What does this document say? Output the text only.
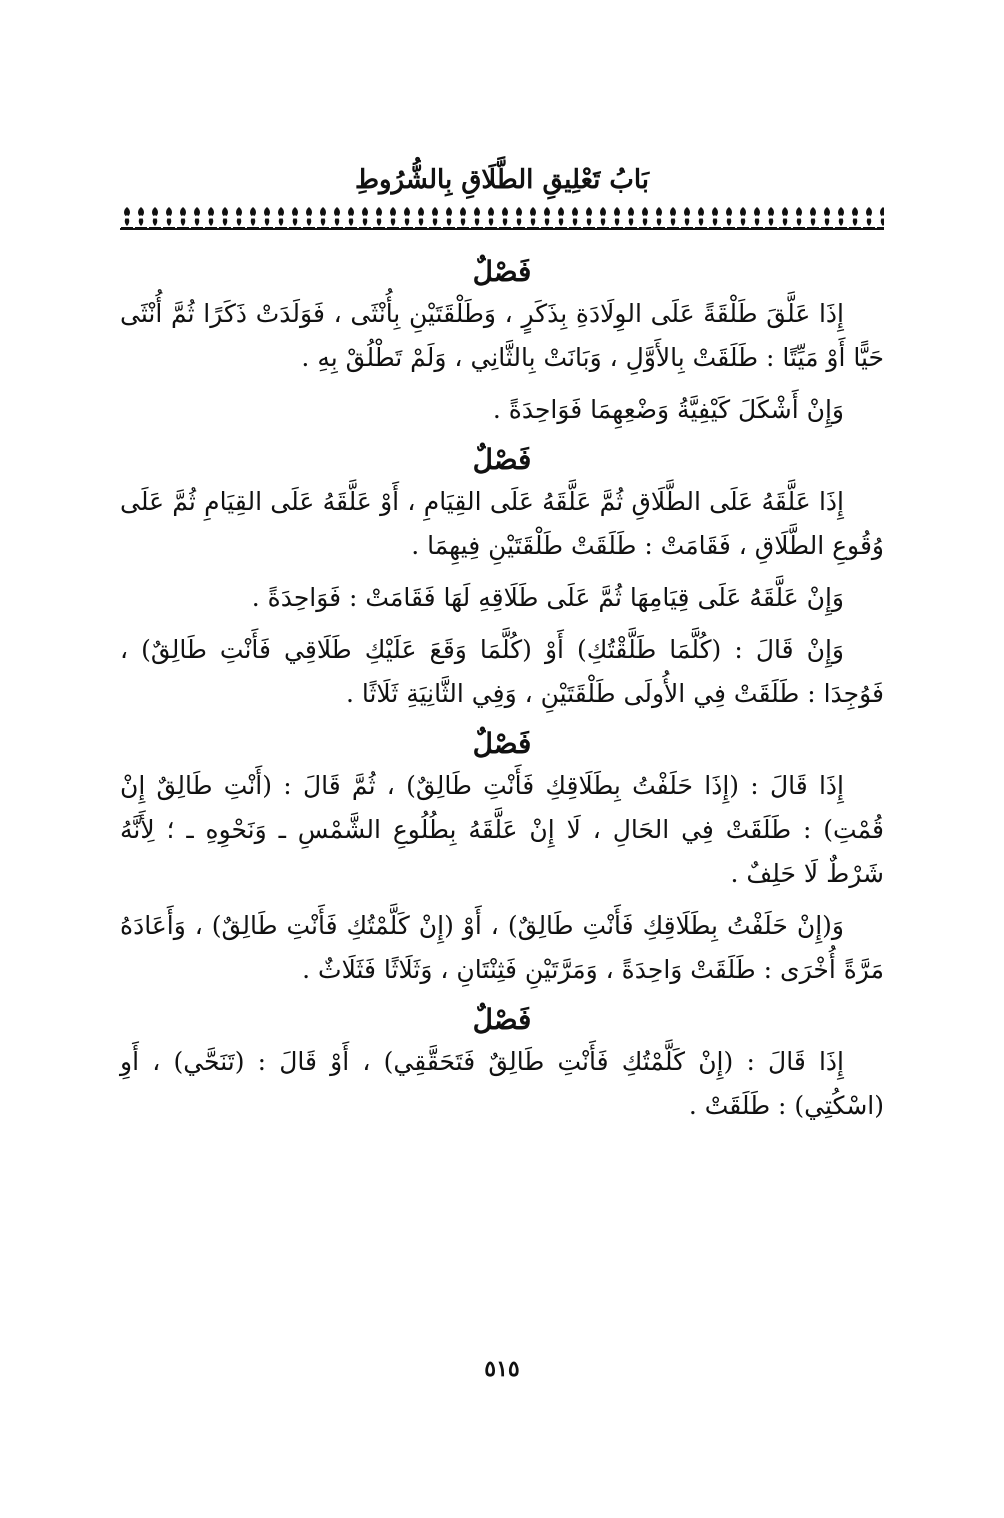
بَابُ تَعْلِيقِ الطَّلَاقِ بِالشُّرُوطِ
فَصْلٌ

إِذَا عَلَّقَ طَلْقَةً عَلَى الوِلَادَةِ بِذَكَرٍ ، وَطَلْقَتَيْنِ بِأُنْثَى ، فَوَلَدَتْ ذَكَرًا ثُمَّ أُنْثَى حَيًّا أَوْ مَيِّتًا : طَلَقَتْ بِالأَوَّلِ ، وَبَانَتْ بِالثَّانِي ، وَلَمْ تَطْلُقْ بِهِ .

وَإِنْ أَشْكَلَ كَيْفِيَّةُ وَضْعِهِمَا فَوَاحِدَةً .

فَصْلٌ

إِذَا عَلَّقَهُ عَلَى الطَّلَاقِ ثُمَّ عَلَّقَهُ عَلَى القِيَامِ ، أَوْ عَلَّقَهُ عَلَى القِيَامِ ثُمَّ عَلَى وُقُوعِ الطَّلَاقِ ، فَقَامَتْ : طَلَقَتْ طَلْقَتَيْنِ فِيهِمَا .

وَإِنْ عَلَّقَهُ عَلَى قِيَامِهَا ثُمَّ عَلَى طَلَاقِهِ لَهَا فَقَامَتْ : فَوَاحِدَةً .

وَإِنْ قَالَ : (كُلَّمَا طَلَّقْتُكِ) أَوْ (كُلَّمَا وَقَعَ عَلَيْكِ طَلَاقِي فَأَنْتِ طَالِقٌ) ، فَوُجِدَا : طَلَقَتْ فِي الأُولَى طَلْقَتَيْنِ ، وَفِي الثَّانِيَةِ ثَلَاثًا .

فَصْلٌ

إِذَا قَالَ : (إِذَا حَلَفْتُ بِطَلَاقِكِ فَأَنْتِ طَالِقٌ) ، ثُمَّ قَالَ : (أَنْتِ طَالِقٌ إِنْ قُمْتِ) : طَلَقَتْ فِي الحَالِ ، لَا إِنْ عَلَّقَهُ بِطُلُوعِ الشَّمْسِ ـ وَنَحْوِهِ ـ ؛ لِأَنَّهُ شَرْطٌ لَا حَلِفٌ .

وَ(إِنْ حَلَفْتُ بِطَلَاقِكِ فَأَنْتِ طَالِقٌ) ، أَوْ (إِنْ كَلَّمْتُكِ فَأَنْتِ طَالِقٌ) ، وَأَعَادَهُ مَرَّةً أُخْرَى : طَلَقَتْ وَاحِدَةً ، وَمَرَّتَيْنِ فَثِنْتَانِ ، وَثَلَاثًا فَثَلَاثٌ .

فَصْلٌ

إِذَا قَالَ : (إِنْ كَلَّمْتُكِ فَأَنْتِ طَالِقٌ فَتَحَقَّقِي) ، أَوْ قَالَ : (تَنَحَّي) ، أَوِ (اسْكُتِي) : طَلَقَتْ .

٥١٥
